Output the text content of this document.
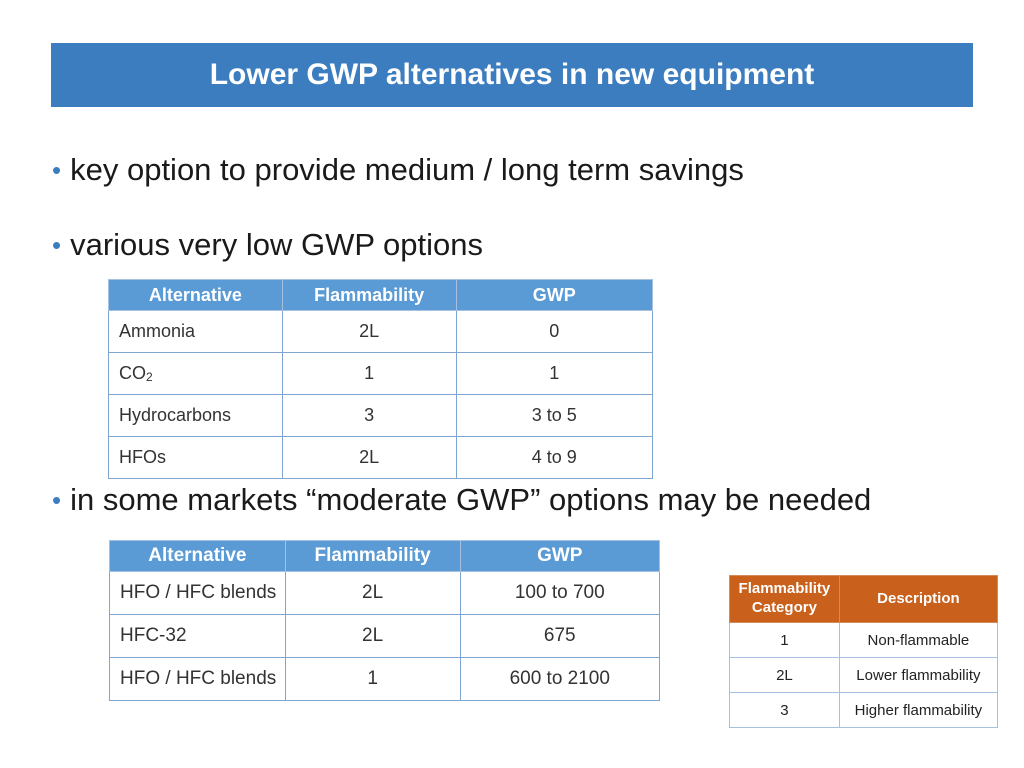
Lower GWP alternatives in new equipment
• key option to provide medium / long term savings
• various very low GWP options
Alternative	Flammability	GWP
Ammonia	2L	0
$CO_2$	1	1
Hydrocarbons	3	3 to 5
HFOs	2L	4 to 9
• in some markets “moderate GWP” options may be needed
Alternative	Flammability	GWP
HFO / HFC blends	2L	100 to 700
HFC-32	2L	675
HFO / HFC blends	1	600 to 2100
Flammability Category	Description
1	Non-flammable
2L	Lower flammability
3	Higher flammability
